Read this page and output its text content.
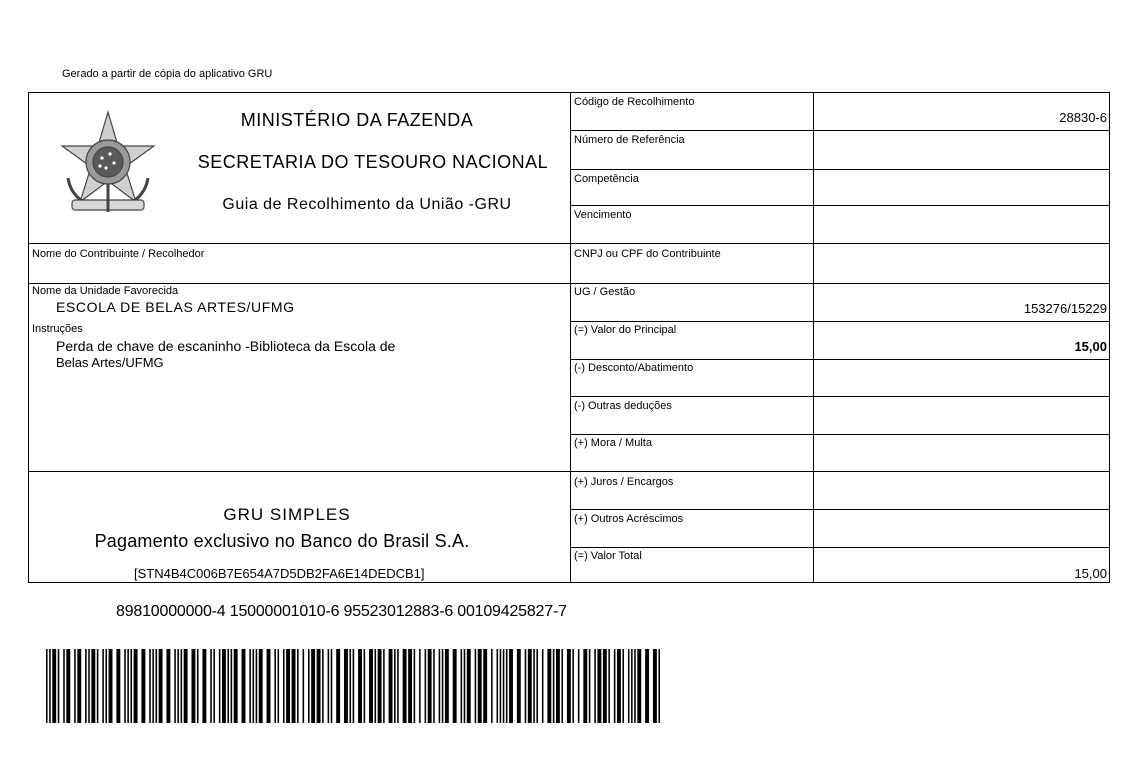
Gerado a partir de cópia do aplicativo GRU
MINISTÉRIO DA FAZENDA
SECRETARIA DO TESOURO NACIONAL
Guia de Recolhimento da União -GRU
Código de Recolhimento
28830-6
Número de Referência
Competência
Vencimento
Nome do Contribuinte / Recolhedor	CNPJ ou CPF do Contribuinte
Nome da Unidade Favorecida
ESCOLA DE BELAS ARTES/UFMG
UG / Gestão
153276/15229
Instruções
Perda de chave de escaninho -Biblioteca da Escola de
Belas Artes/UFMG
(=) Valor do Principal
15,00
(-) Desconto/Abatimento
(-) Outras deduções
(+) Mora / Multa
(+) Juros / Encargos
(+) Outros Acréscimos
(=) Valor Total
15,00
GRU SIMPLES
Pagamento exclusivo no Banco do Brasil S.A.
[STN4B4C006B7E654A7D5DB2FA6E14DEDCB1]
89810000000-4 15000001010-6 95523012883-6 00109425827-7
